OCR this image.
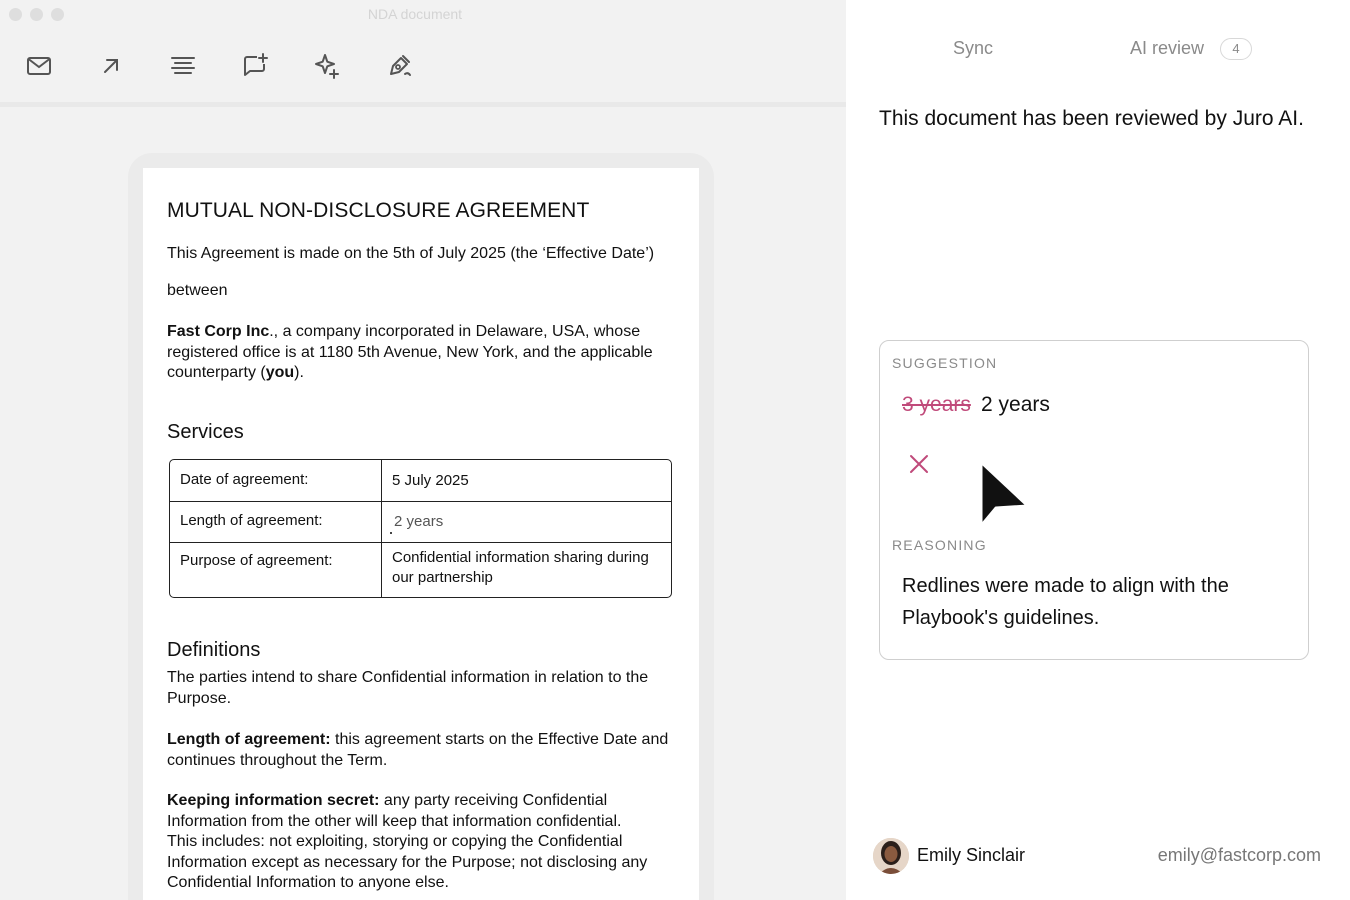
NDA document
MUTUAL NON-DISCLOSURE AGREEMENT
This Agreement is made on the 5th of July 2025 (the ‘Effective Date’)
between
Fast Corp Inc., a company incorporated in Delaware, USA, whose registered office is at 1180 5th Avenue, New York, and the applicable counterparty (you).
Services
Definitions
The parties intend to share Confidential information in relation to the Purpose.
Length of agreement: this agreement starts on the Effective Date and continues throughout the Term.
Keeping information secret: any party receiving Confidential Information from the other will keep that information confidential.
This includes: not exploiting, storying or copying the Confidential Information except as necessary for the Purpose; not disclosing any Confidential Information to anyone else.
Date of agreement:	5 July 2025
Length of agreement:	2 years
Purpose of agreement:	Confidential information sharing during our partnership
Sync	AI review	4
This document has been reviewed by Juro AI.
SUGGESTION
3 years 2 years
REASONING
Redlines were made to align with the Playbook's guidelines.
Emily Sinclair	emily@fastcorp.com
